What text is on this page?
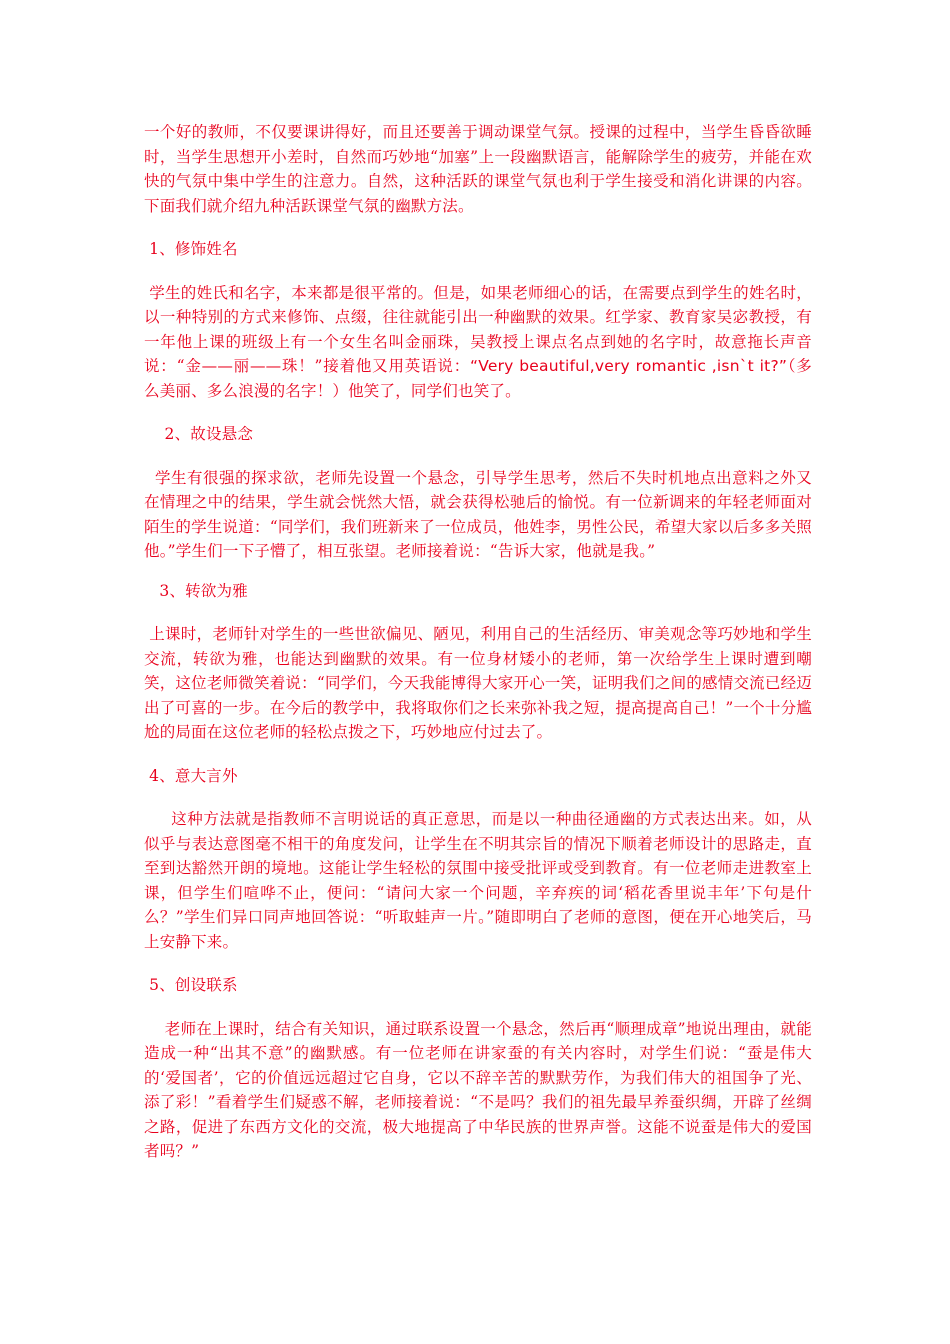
一个好的教师，不仅要课讲得好，而且还要善于调动课堂气氛。授课的过程中，当学生昏昏欲睡时，当学生思想开小差时，自然而巧妙地“加塞”上一段幽默语言，能解除学生的疲劳，并能在欢快的气氛中集中学生的注意力。自然，这种活跃的课堂气氛也利于学生接受和消化讲课的内容。下面我们就介绍九种活跃课堂气氛的幽默方法。

1、修饰姓名

学生的姓氏和名字，本来都是很平常的。但是，如果老师细心的话，在需要点到学生的姓名时，以一种特别的方式来修饰、点缀，往往就能引出一种幽默的效果。红学家、教育家吴宓教授，有一年他上课的班级上有一个女生名叫金丽珠，吴教授上课点名点到她的名字时，故意拖长声音说：“金——丽——珠！”接着他又用英语说：“Very beautiful,very romantic ,isn`t it?”（多么美丽、多么浪漫的名字！）他笑了，同学们也笑了。

2、故设悬念

学生有很强的探求欲，老师先设置一个悬念，引导学生思考，然后不失时机地点出意料之外又在情理之中的结果，学生就会恍然大悟，就会获得松驰后的愉悦。有一位新调来的年轻老师面对陌生的学生说道：“同学们，我们班新来了一位成员，他姓李，男性公民，希望大家以后多多关照他。”学生们一下子懵了，相互张望。老师接着说：“告诉大家，他就是我。”

3、转欲为雅

上课时，老师针对学生的一些世欲偏见、陋见，利用自己的生活经历、审美观念等巧妙地和学生交流，转欲为雅，也能达到幽默的效果。有一位身材矮小的老师，第一次给学生上课时遭到嘲笑，这位老师微笑着说：“同学们，今天我能博得大家开心一笑，证明我们之间的感情交流已经迈出了可喜的一步。在今后的教学中，我将取你们之长来弥补我之短，提高提高自己！”一个十分尴尬的局面在这位老师的轻松点拨之下，巧妙地应付过去了。

4、意大言外

这种方法就是指教师不言明说话的真正意思，而是以一种曲径通幽的方式表达出来。如，从似乎与表达意图毫不相干的角度发问，让学生在不明其宗旨的情况下顺着老师设计的思路走，直至到达豁然开朗的境地。这能让学生轻松的氛围中接受批评或受到教育。有一位老师走进教室上课，但学生们喧哗不止，便问：“请问大家一个问题，辛弃疾的词‘稻花香里说丰年’下句是什么？”学生们异口同声地回答说：“听取蛙声一片。”随即明白了老师的意图，便在开心地笑后，马上安静下来。

5、创设联系

老师在上课时，结合有关知识，通过联系设置一个悬念，然后再“顺理成章”地说出理由，就能造成一种“出其不意”的幽默感。有一位老师在讲家蚕的有关内容时，对学生们说：“蚕是伟大的‘爱国者’，它的价值远远超过它自身，它以不辞辛苦的默默劳作，为我们伟大的祖国争了光、添了彩！”看着学生们疑惑不解，老师接着说：“不是吗？我们的祖先最早养蚕织绸，开辟了丝绸之路，促进了东西方文化的交流，极大地提高了中华民族的世界声誉。这能不说蚕是伟大的爱国者吗？”
